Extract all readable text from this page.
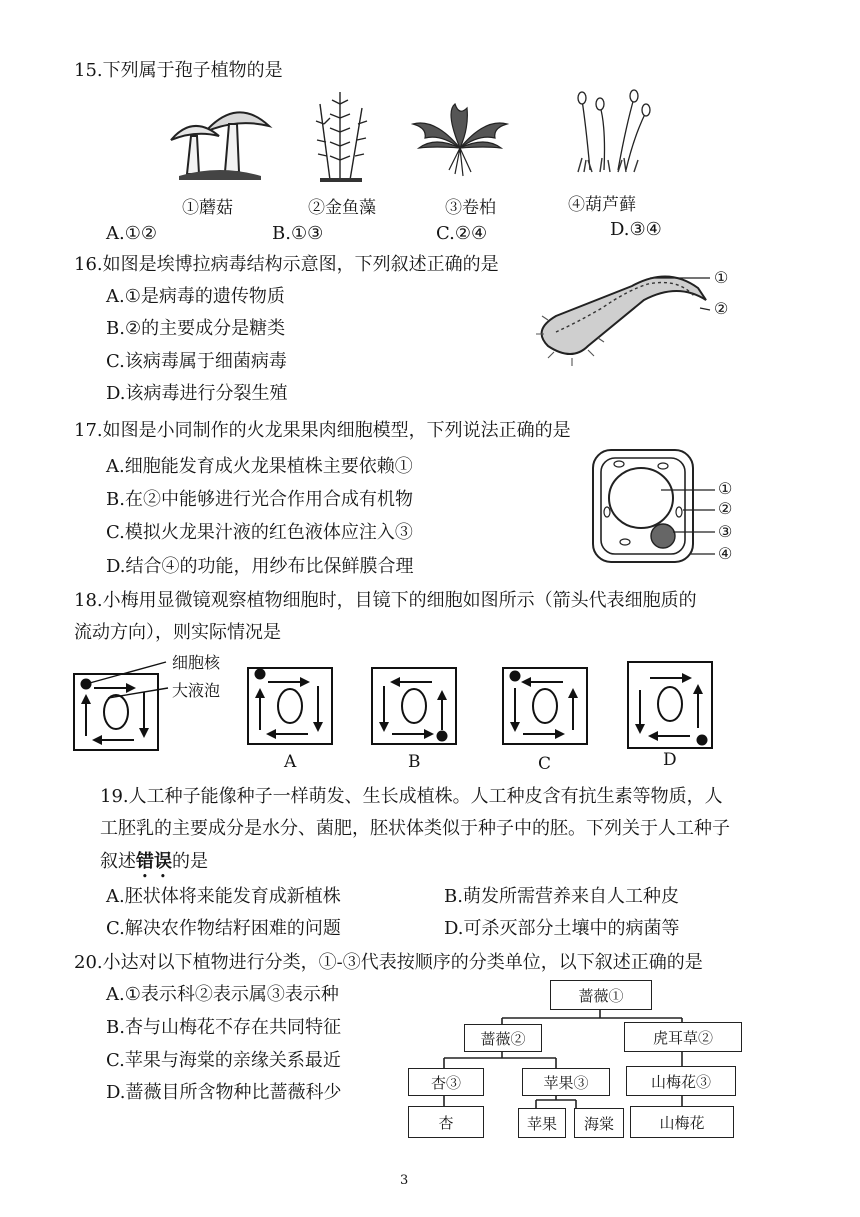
15.下列属于孢子植物的是
①蘑菇	②金鱼藻	③卷柏	④葫芦藓
A.①②	B.①③	C.②④	D.③④
16.如图是埃博拉病毒结构示意图，下列叙述正确的是
A.①是病毒的遗传物质
B.②的主要成分是糖类
C.该病毒属于细菌病毒
D.该病毒进行分裂生殖
①
②
17.如图是小同制作的火龙果果肉细胞模型，下列说法正确的是
A.细胞能发育成火龙果植株主要依赖①
B.在②中能够进行光合作用合成有机物
C.模拟火龙果汁液的红色液体应注入③
D.结合④的功能，用纱布比保鲜膜合理
①
②
③
④
18.小梅用显微镜观察植物细胞时，目镜下的细胞如图所示（箭头代表细胞质的
流动方向），则实际情况是
细胞核
大液泡
A	B	C	D
19.人工种子能像种子一样萌发、生长成植株。人工种皮含有抗生素等物质，人
工胚乳的主要成分是水分、菌肥，胚状体类似于种子中的胚。下列关于人工种子
叙述错误的是
A.胚状体将来能发育成新植株	B.萌发所需营养来自人工种皮
C.解决农作物结籽困难的问题	D.可杀灭部分土壤中的病菌等
20.小达对以下植物进行分类，①-③代表按顺序的分类单位，以下叙述正确的是
A.①表示科②表示属③表示种
B.杏与山梅花不存在共同特征
C.苹果与海棠的亲缘关系最近
D.蔷薇目所含物种比蔷薇科少
蔷薇①
蔷薇②	虎耳草②
杏③	苹果③	山梅花③
杏	苹果	海棠	山梅花
3
